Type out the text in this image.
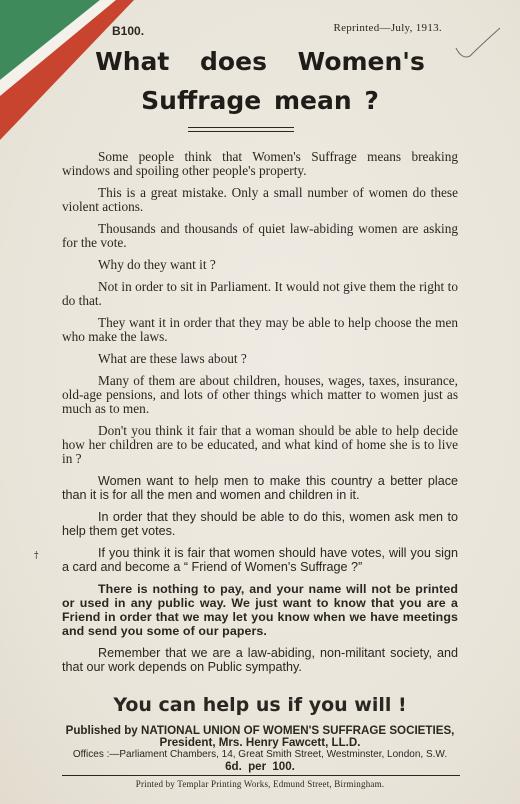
B100.	Reprinted—July, 1913.
What does Women's
Suffrage mean ?

Some people think that Women's Suffrage means breaking windows and spoiling other people's property.

This is a great mistake. Only a small number of women do these violent actions.

Thousands and thousands of quiet law-abiding women are asking for the vote.

Why do they want it ?

Not in order to sit in Parliament. It would not give them the right to do that.

They want it in order that they may be able to help choose the men who make the laws.

What are these laws about ?

Many of them are about children, houses, wages, taxes, insurance, old-age pensions, and lots of other things which matter to women just as much as to men.

Don't you think it fair that a woman should be able to help decide how her children are to be educated, and what kind of home she is to live in ?

Women want to help men to make this country a better place than it is for all the men and women and children in it.

In order that they should be able to do this, women ask men to help them get votes.

If you think it is fair that women should have votes, will you sign a card and become a “ Friend of Women's Suffrage ?”

There is nothing to pay, and your name will not be printed or used in any public way. We just want to know that you are a Friend in order that we may let you know when we have meetings and send you some of our papers.

Remember that we are a law-abiding, non-militant society, and that our work depends on Public sympathy.

†
You can help us if you will !
Published by NATIONAL UNION OF WOMEN'S SUFFRAGE SOCIETIES,
President, Mrs. Henry Fawcett, LL.D.
Offices :—Parliament Chambers, 14, Great Smith Street, Westminster, London, S.W.
6d. per 100.
Printed by Templar Printing Works, Edmund Street, Birmingham.
